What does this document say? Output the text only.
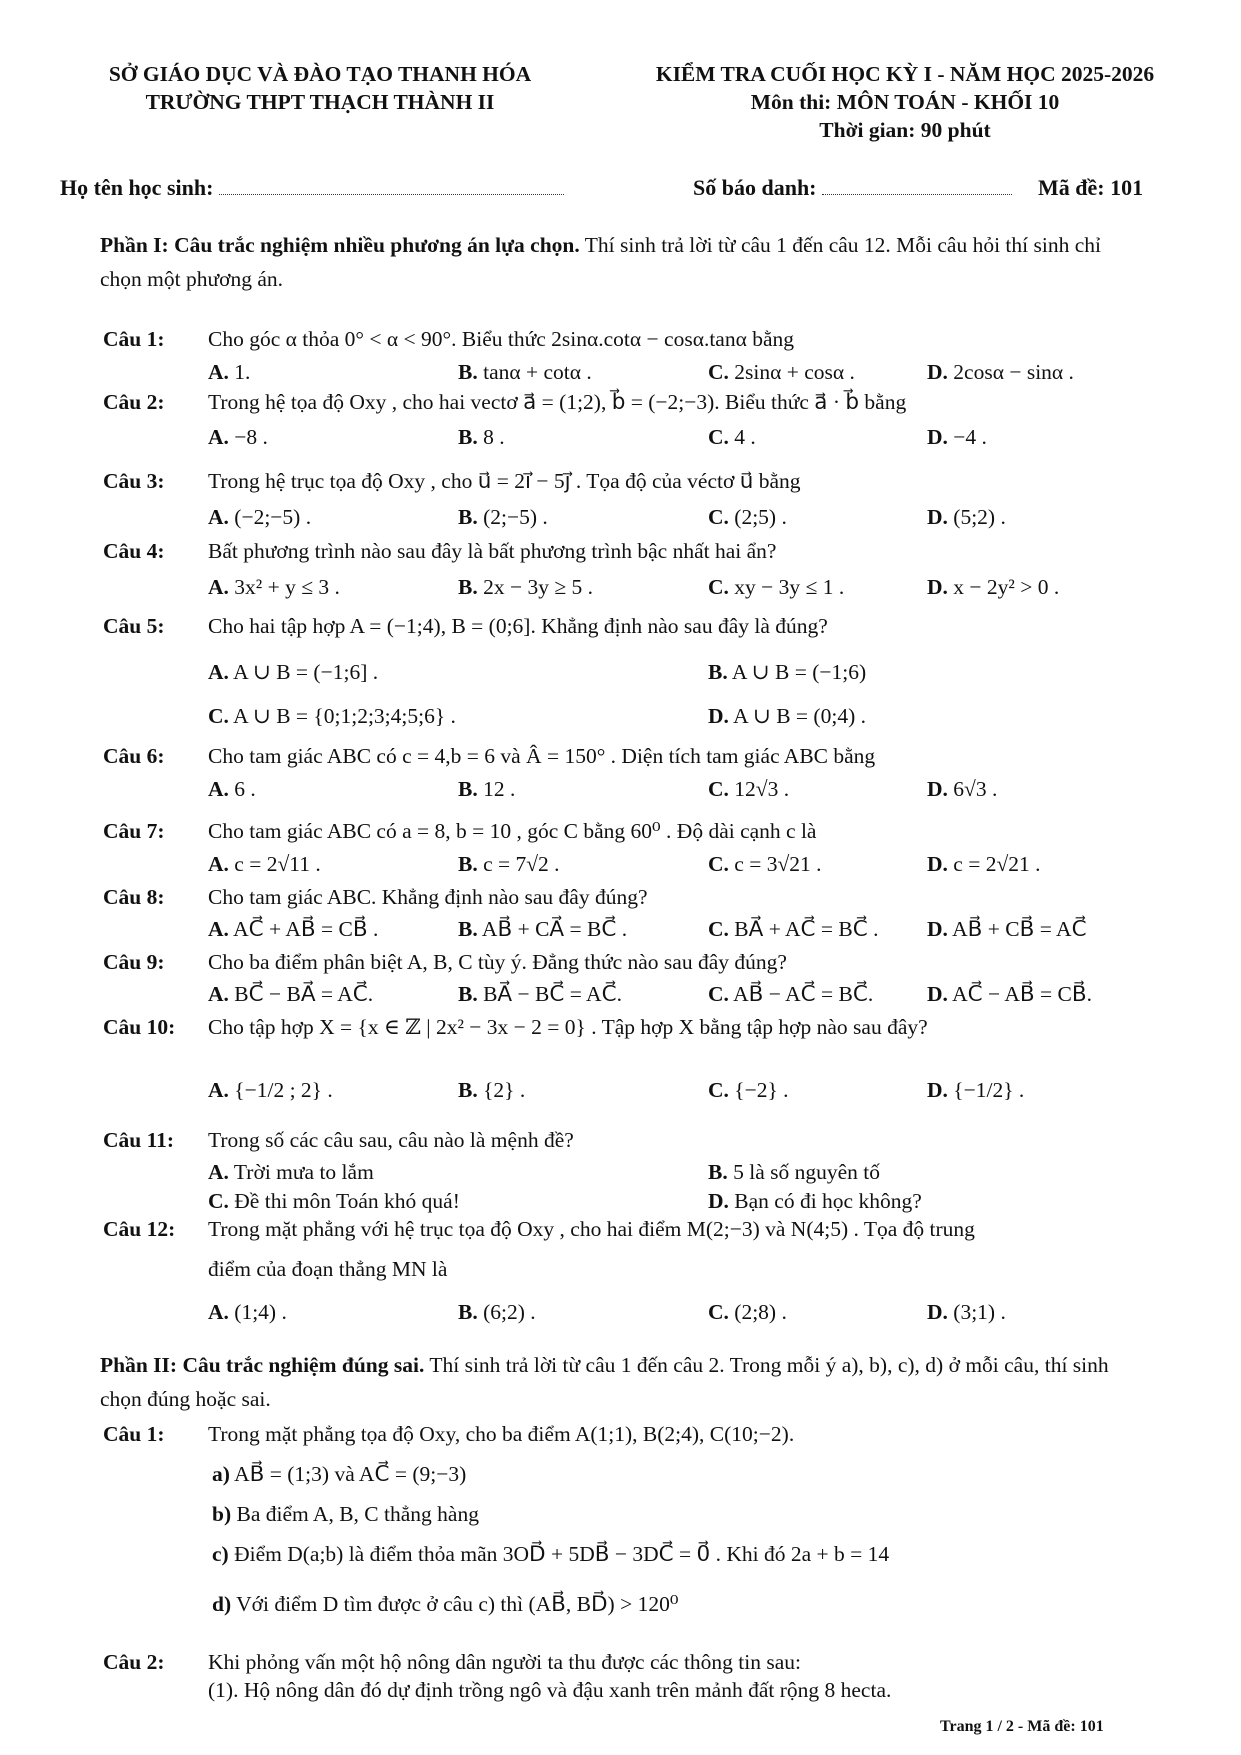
SỞ GIÁO DỤC VÀ ĐÀO TẠO THANH HÓA
TRƯỜNG THPT THẠCH THÀNH II
KIỂM TRA CUỐI HỌC KỲ I - NĂM HỌC 2025-2026
Môn thi: MÔN TOÁN - KHỐI 10
Thời gian: 90 phút
Họ tên học sinh:	Số báo danh:	Mã đề: 101
Phần I: Câu trắc nghiệm nhiều phương án lựa chọn. Thí sinh trả lời từ câu 1 đến câu 12. Mỗi câu hỏi thí sinh chỉ chọn một phương án.
Câu 1: Cho góc α thỏa 0° < α < 90°. Biểu thức 2sinα.cotα − cosα.tanα bằng
A. 1.	B. tanα + cotα .	C. 2sinα + cosα .	D. 2cosα − sinα .
Câu 2: Trong hệ tọa độ Oxy , cho hai vectơ a⃗ = (1;2), b⃗ = (−2;−3). Biểu thức a⃗ · b⃗ bằng
A. −8 .	B. 8 .	C. 4 .	D. −4 .
Câu 3: Trong hệ trục tọa độ Oxy , cho u⃗ = 2i⃗ − 5j⃗ . Tọa độ của véctơ u⃗ bằng
A. (−2;−5) .	B. (2;−5) .	C. (2;5) .	D. (5;2) .
Câu 4: Bất phương trình nào sau đây là bất phương trình bậc nhất hai ẩn?
A. 3x² + y ≤ 3 .	B. 2x − 3y ≥ 5 .	C. xy − 3y ≤ 1 .	D. x − 2y² > 0 .
Câu 5: Cho hai tập hợp A = (−1;4), B = (0;6]. Khẳng định nào sau đây là đúng?
A. A ∪ B = (−1;6] .	B. A ∪ B = (−1;6)
C. A ∪ B = {0;1;2;3;4;5;6} .	D. A ∪ B = (0;4) .
Câu 6: Cho tam giác ABC có c = 4,b = 6 và Â = 150° . Diện tích tam giác ABC bằng
A. 6 .	B. 12 .	C. 12√3 .	D. 6√3 .
Câu 7: Cho tam giác ABC có a = 8, b = 10 , góc C bằng 60⁰ . Độ dài cạnh c là
A. c = 2√11 .	B. c = 7√2 .	C. c = 3√21 .	D. c = 2√21 .
Câu 8: Cho tam giác ABC. Khẳng định nào sau đây đúng?
A. AC⃗ + AB⃗ = CB⃗ .	B. AB⃗ + CA⃗ = BC⃗ .	C. BA⃗ + AC⃗ = BC⃗ . D. AB⃗ + CB⃗ = AC⃗
Câu 9: Cho ba điểm phân biệt A, B, C tùy ý. Đẳng thức nào sau đây đúng?
A. BC⃗ − BA⃗ = AC⃗.	B. BA⃗ − BC⃗ = AC⃗.	C. AB⃗ − AC⃗ = BC⃗.	D. AC⃗ − AB⃗ = CB⃗.
Câu 10: Cho tập hợp X = {x ∈ ℤ | 2x² − 3x − 2 = 0} . Tập hợp X bằng tập hợp nào sau đây?
A. {−1/2 ; 2} .	B. {2} .	C. {−2} .	D. {−1/2} .
Câu 11: Trong số các câu sau, câu nào là mệnh đề?
A. Trời mưa to lắm	B. 5 là số nguyên tố
C. Đề thi môn Toán khó quá!	D. Bạn có đi học không?
Câu 12: Trong mặt phẳng với hệ trục tọa độ Oxy , cho hai điểm M(2;−3) và N(4;5) . Tọa độ trung
điểm của đoạn thẳng MN là
A. (1;4) .	B. (6;2) .	C. (2;8) .	D. (3;1) .
Phần II: Câu trắc nghiệm đúng sai. Thí sinh trả lời từ câu 1 đến câu 2. Trong mỗi ý a), b), c), d) ở mỗi câu, thí sinh chọn đúng hoặc sai.
Câu 1: Trong mặt phẳng tọa độ Oxy, cho ba điểm A(1;1), B(2;4), C(10;−2).
a) AB⃗ = (1;3) và AC⃗ = (9;−3)
b) Ba điểm A, B, C thẳng hàng
c) Điểm D(a;b) là điểm thỏa mãn 3OD⃗ + 5DB⃗ − 3DC⃗ = 0⃗ . Khi đó 2a + b = 14
d) Với điểm D tìm được ở câu c) thì (AB⃗, BD⃗) > 120⁰
Câu 2: Khi phỏng vấn một hộ nông dân người ta thu được các thông tin sau:
(1). Hộ nông dân đó dự định trồng ngô và đậu xanh trên mảnh đất rộng 8 hecta.
Trang 1 / 2 - Mã đề: 101
